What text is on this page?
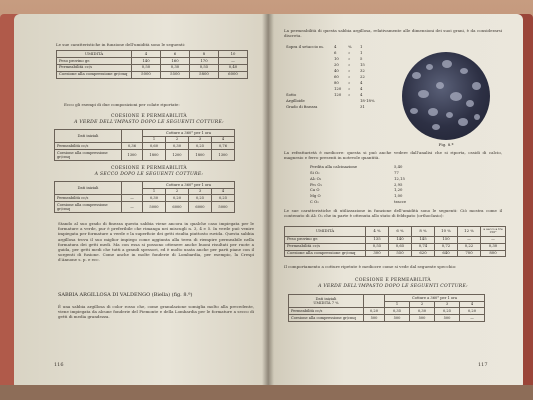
Le sue caratteristiche in funzione dell'umidità sono le seguenti:
UMIDITÀ	4	6	8	10
Peso provino gr.	140	160	170	—
Permeabilità cc/s	0,50	0,30	0,55	0,40
Coesione alla compressione gr/cmq	5000	5500	5800	6000
Ecco gli esempi di due composizioni per colate riportate:
COESIONE E PERMEABILITÀ
A VERDE DELL'IMPASTO DOPO LE SEGUENTI COTTURE:
Dati iniziali		Cotture a 360° per 1 ora			
		1	2	3	4
Permeabilità cc/s	0,36	0,60	0,30	0,25	0,76
Coesione alla compressione gr/cmq	1300	1800	1200	1800	1300
COESIONE E PERMEABILITÀ
A SECCO DOPO LE SEGUENTI COTTURE:
Dati iniziali		Cotture a 360° per 1 ora			
		1	2	3	4
Permeabilità cc/s	—	0,30	0,20	0,25	0,25
Coesione alla compressione gr/cmq	—	5000	6000	6000	5000
Stando al suo grado di finezza questa sabbia viene ancora in qualche caso impiegata per le formature a verde, pur è preferibile che rimanga nei miscugli n. 3, 4 e 5. In verde può venire impiegata per formature a verde e la superficie dei getti risulta piuttosto ruvida. Questa sabbia argillosa trova il suo miglior impiego come aggiunta alla terra di riempire permeabile nella formatura dei getti medi. Ma con essa si possono ottenere anche buoni risultati per ruote a guida, per getti medi che tutti a grandi spessori, ed è molto usata anche per parti piane con il sorgenti di fusione. Come anche in molte fonderie di Lombardia, per esempio, la Crespi d'Annone s. p. e ecc.
SABBIA ARGILLOSA DI VALDENGO (Biella) (fig. 8.ª)
È una sabbia argillosa di color rosso che, come granulazione somiglia molto alla precedente, viene impiegata da alcune fonderie del Piemonte e della Lombardia per le formature a secco di getti di media grandezza.
116
La permeabilità di questa sabbia argillosa, relativamente alle dimensioni dei suoi grani, è da considerarsi discreta.
Sopra il setaccio m.	4	%	1
	6	»	1
	10	»	5
	20	»	15
	40	»	32
	60	»	22
	80	»	4
	120	»	4
Sotto	120	»	4
Argilloide			18-18%
Grado di finezza			31
Fig. 8.ª
La refrattarietà è mediocre: questa si può anche vedere dall'analisi che si riporta, ossidi di calcio, magnesio e ferro presenti in notevole quantità.
Perdita alla calcinazione	5,40
Si O₂	77
Al₂ O₃	12,15
Fe₂ O₃	2,95
Ca O	1,20
Mg O	1,00
C O₂	tracce
Le sue caratteristiche di utilizzazione in funzione dell'umidità sono le seguenti: Ciò mostra come il contenuto di Al₂ O₃ che in parte è ottenuta allo stato di feldspato (orthoclasio):
UMIDITÀ	4 %	6 %	8 %	10 %	12 %	a secco a tre 150°
Peso provino gr.	135	140	145	150	—	—
Permeabilità cc/s	0,55	0,65	0,74	0,72	0,22	0,30
Coesione alla compressione gr/cmq	300	550	620	640	700	800
Il comportamento a cotture ripetute è mediocre come si vede dal seguente specchio:
COESIONE E PERMEABILITÀ
A VERDE DELL'IMPASTO DOPO LE SEGUENTI COTTURE:
Dati iniziali
UMIDITÀ 7 %		Cotture a 360° per 1 ora			
		1	2	3	4
Permeabilità cc/s	0,20	0,35	0,30	0,25	0,20
Coesione alla compressione gr/cmq	500	500	500	500	—
117
